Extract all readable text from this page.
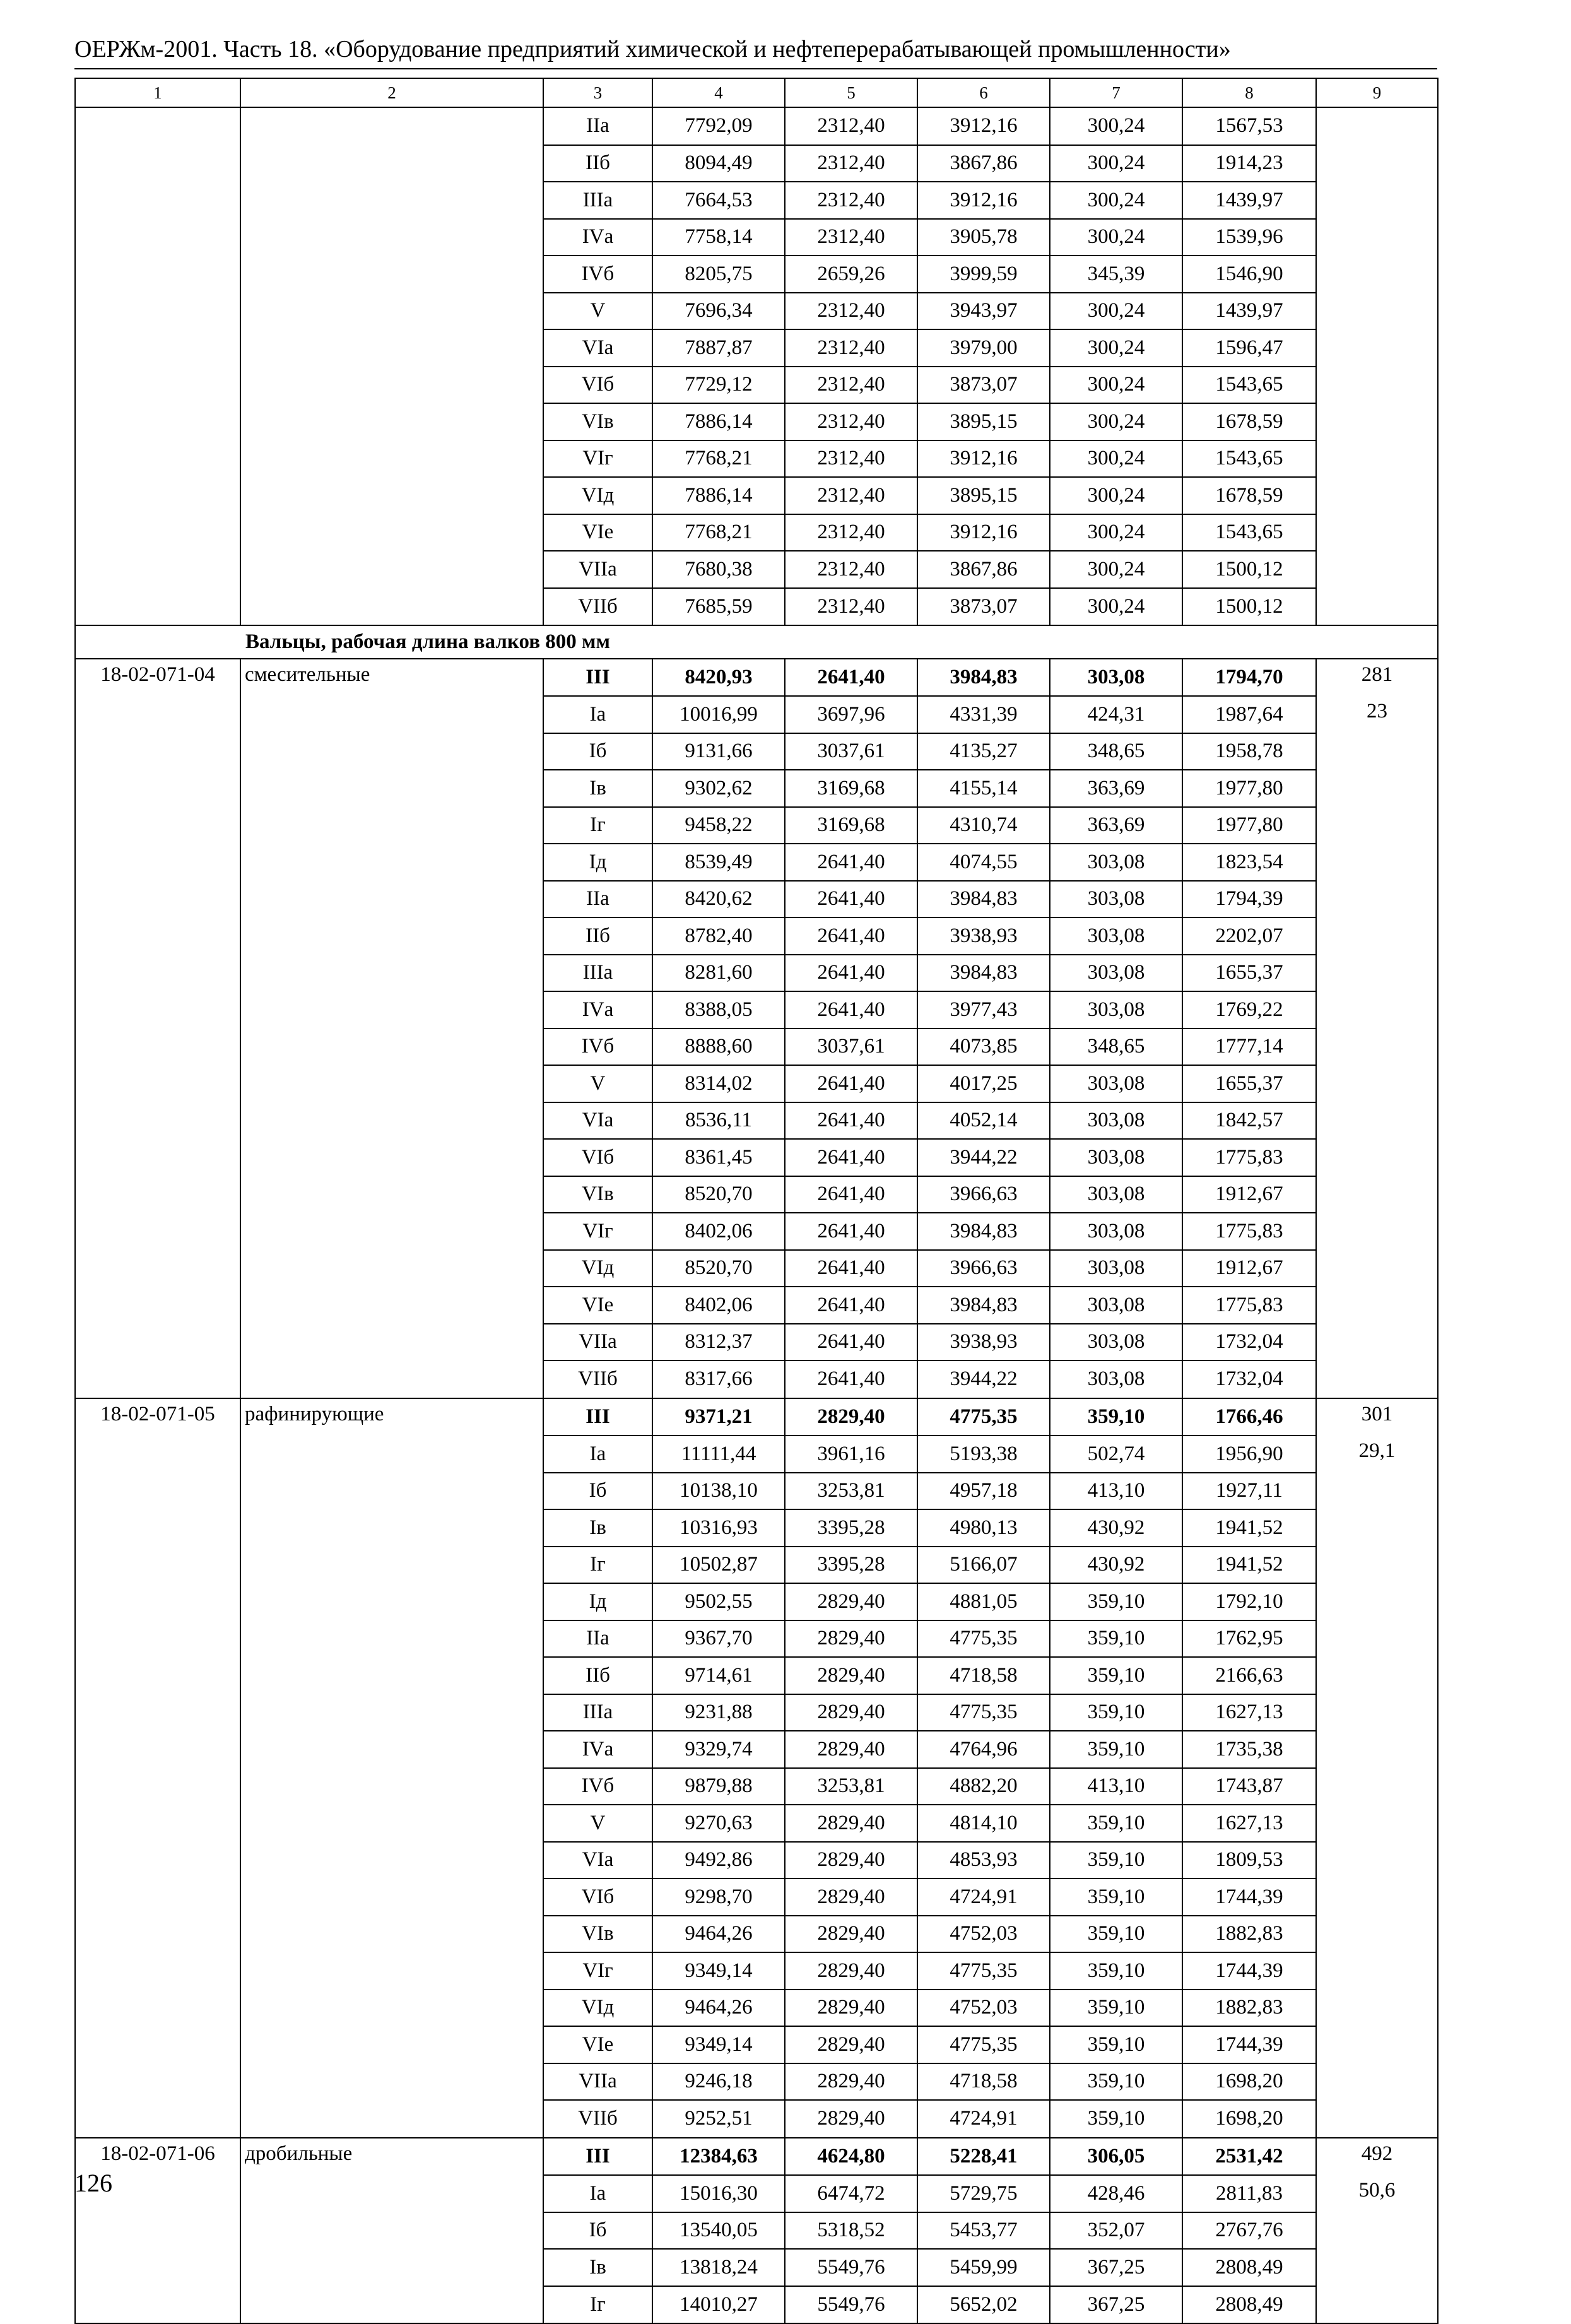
ОЕРЖм-2001. Часть 18. «Оборудование предприятий химической и нефтеперерабатывающей промышленности»
1	2	3	4	5	6	7	8	9
		IIа	7792,09	2312,40	3912,16	300,24	1567,53	
		IIб	8094,49	2312,40	3867,86	300,24	1914,23	
		IIIа	7664,53	2312,40	3912,16	300,24	1439,97	
		IVа	7758,14	2312,40	3905,78	300,24	1539,96	
		IVб	8205,75	2659,26	3999,59	345,39	1546,90	
		V	7696,34	2312,40	3943,97	300,24	1439,97	
		VIа	7887,87	2312,40	3979,00	300,24	1596,47	
		VIб	7729,12	2312,40	3873,07	300,24	1543,65	
		VIв	7886,14	2312,40	3895,15	300,24	1678,59	
		VIг	7768,21	2312,40	3912,16	300,24	1543,65	
		VIд	7886,14	2312,40	3895,15	300,24	1678,59	
		VIе	7768,21	2312,40	3912,16	300,24	1543,65	
		VIIа	7680,38	2312,40	3867,86	300,24	1500,12	
		VIIб	7685,59	2312,40	3873,07	300,24	1500,12	
	Вальцы, рабочая длина валков 800 мм							
18-02-071-04	смесительные	III	8420,93	2641,40	3984,83	303,08	1794,70	281
		Iа	10016,99	3697,96	4331,39	424,31	1987,64	23
		Iб	9131,66	3037,61	4135,27	348,65	1958,78	
		Iв	9302,62	3169,68	4155,14	363,69	1977,80	
		Iг	9458,22	3169,68	4310,74	363,69	1977,80	
		Iд	8539,49	2641,40	4074,55	303,08	1823,54	
		IIа	8420,62	2641,40	3984,83	303,08	1794,39	
		IIб	8782,40	2641,40	3938,93	303,08	2202,07	
		IIIа	8281,60	2641,40	3984,83	303,08	1655,37	
		IVа	8388,05	2641,40	3977,43	303,08	1769,22	
		IVб	8888,60	3037,61	4073,85	348,65	1777,14	
		V	8314,02	2641,40	4017,25	303,08	1655,37	
		VIа	8536,11	2641,40	4052,14	303,08	1842,57	
		VIб	8361,45	2641,40	3944,22	303,08	1775,83	
		VIв	8520,70	2641,40	3966,63	303,08	1912,67	
		VIг	8402,06	2641,40	3984,83	303,08	1775,83	
		VIд	8520,70	2641,40	3966,63	303,08	1912,67	
		VIе	8402,06	2641,40	3984,83	303,08	1775,83	
		VIIа	8312,37	2641,40	3938,93	303,08	1732,04	
		VIIб	8317,66	2641,40	3944,22	303,08	1732,04	
18-02-071-05	рафинирующие	III	9371,21	2829,40	4775,35	359,10	1766,46	301
		Iа	11111,44	3961,16	5193,38	502,74	1956,90	29,1
		Iб	10138,10	3253,81	4957,18	413,10	1927,11	
		Iв	10316,93	3395,28	4980,13	430,92	1941,52	
		Iг	10502,87	3395,28	5166,07	430,92	1941,52	
		Iд	9502,55	2829,40	4881,05	359,10	1792,10	
		IIа	9367,70	2829,40	4775,35	359,10	1762,95	
		IIб	9714,61	2829,40	4718,58	359,10	2166,63	
		IIIа	9231,88	2829,40	4775,35	359,10	1627,13	
		IVа	9329,74	2829,40	4764,96	359,10	1735,38	
		IVб	9879,88	3253,81	4882,20	413,10	1743,87	
		V	9270,63	2829,40	4814,10	359,10	1627,13	
		VIа	9492,86	2829,40	4853,93	359,10	1809,53	
		VIб	9298,70	2829,40	4724,91	359,10	1744,39	
		VIв	9464,26	2829,40	4752,03	359,10	1882,83	
		VIг	9349,14	2829,40	4775,35	359,10	1744,39	
		VIд	9464,26	2829,40	4752,03	359,10	1882,83	
		VIе	9349,14	2829,40	4775,35	359,10	1744,39	
		VIIа	9246,18	2829,40	4718,58	359,10	1698,20	
		VIIб	9252,51	2829,40	4724,91	359,10	1698,20	
18-02-071-06	дробильные	III	12384,63	4624,80	5228,41	306,05	2531,42	492
		Iа	15016,30	6474,72	5729,75	428,46	2811,83	50,6
		Iб	13540,05	5318,52	5453,77	352,07	2767,76	
		Iв	13818,24	5549,76	5459,99	367,25	2808,49	
		Iг	14010,27	5549,76	5652,02	367,25	2808,49	
126
